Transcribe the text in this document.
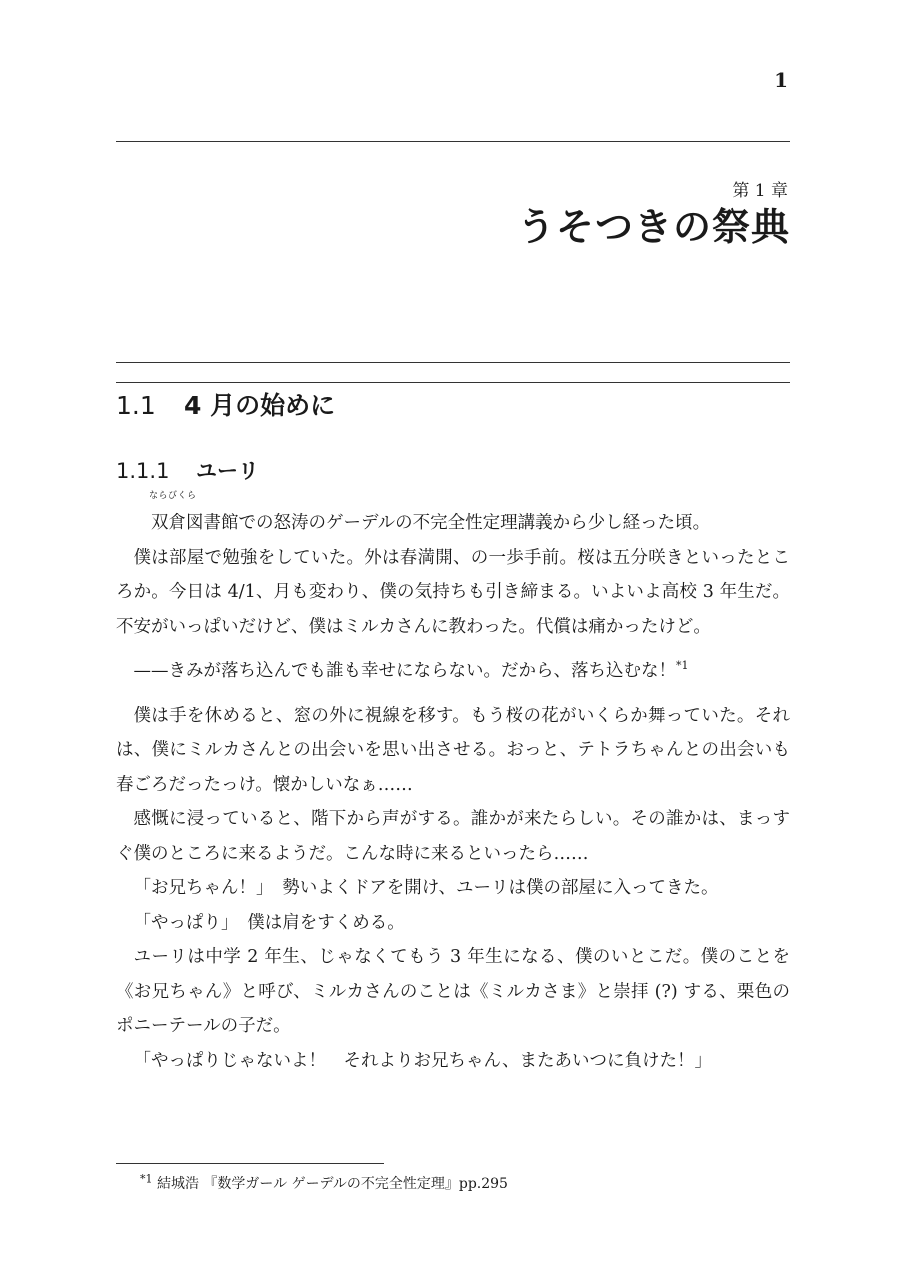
1
第 1 章
うそつきの祭典
1.1 4 月の始めに
1.1.1 ユーリ

ならびくら
双倉図書館での怒涛のゲーデルの不完全性定理講義から少し経った頃。

僕は部屋で勉強をしていた。外は春満開、の一歩手前。桜は五分咲きといったところか。今日は 4/1、月も変わり、僕の気持ちも引き締まる。いよいよ高校 3 年生だ。不安がいっぱいだけど、僕はミルカさんに教わった。代償は痛かったけど。

——きみが落ち込んでも誰も幸せにならない。だから、落ち込むな！$^{*1}$

僕は手を休めると、窓の外に視線を移す。もう桜の花がいくらか舞っていた。それは、僕にミルカさんとの出会いを思い出させる。おっと、テトラちゃんとの出会いも春ごろだったっけ。懐かしいなぁ……

感慨に浸っていると、階下から声がする。誰かが来たらしい。その誰かは、まっすぐ僕のところに来るようだ。こんな時に来るといったら……

「お兄ちゃん！」　勢いよくドアを開け、ユーリは僕の部屋に入ってきた。

「やっぱり」　僕は肩をすくめる。

ユーリは中学 2 年生、じゃなくてもう 3 年生になる、僕のいとこだ。僕のことを《お兄ちゃん》と呼び、ミルカさんのことは《ミルカさま》と崇拝 (?) する、栗色のポニーテールの子だ。

「やっぱりじゃないよ！　それよりお兄ちゃん、またあいつに負けた！」

$^{*1}$ 結城浩 『数学ガール ゲーデルの不完全性定理』pp.295
